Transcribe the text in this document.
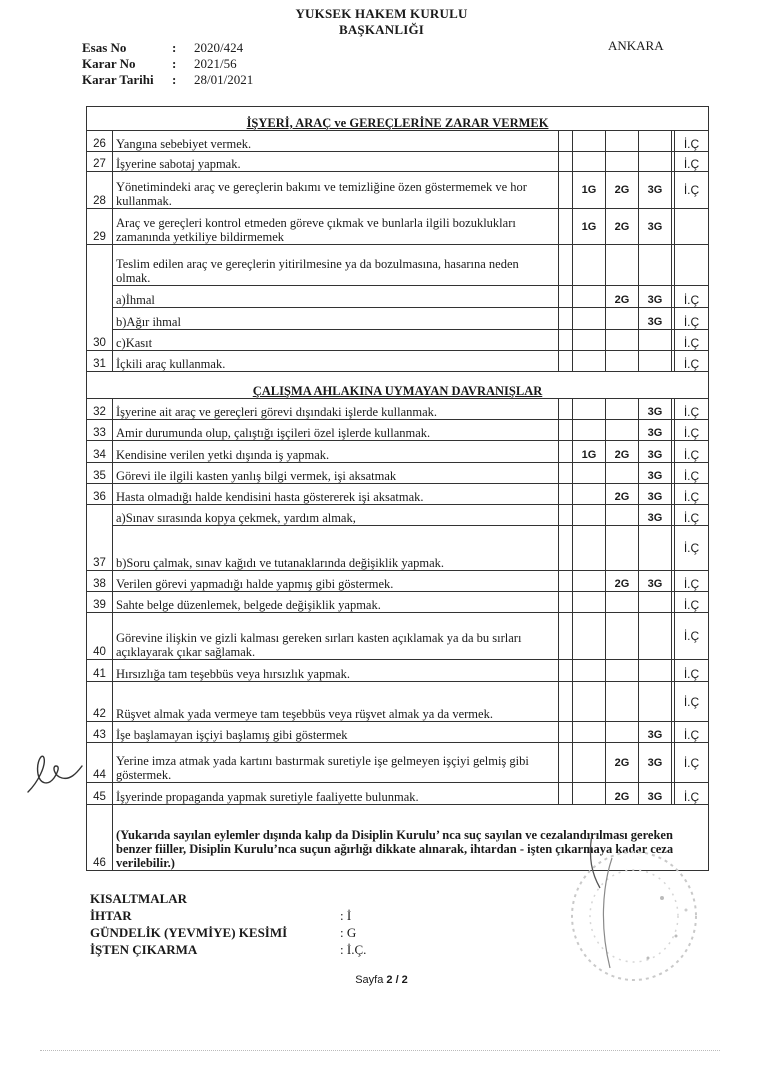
YUKSEK HAKEM KURULU
BAŞKANLIĞI
Esas No	:	2020/424
Karar No	:	2021/56
Karar Tarihi	:	28/01/2021
ANKARA
İŞYERİ, ARAÇ ve GEREÇLERİNE ZARAR VERMEK							
26	Yangına sebebiyet vermek.						İ.Ç
27	İşyerine sabotaj yapmak.						İ.Ç
28	Yönetimindeki araç ve gereçlerin bakımı ve temizliğine özen göstermemek ve hor kullanmak.		1G	2G	3G		İ.Ç
29	Araç ve gereçleri kontrol etmeden göreve çıkmak ve bunlarla ilgili bozuklukları zamanında yetkiliye bildirmemek		1G	2G	3G		
30	Teslim edilen araç ve gereçlerin yitirilmesine ya da bozulmasına, hasarına neden olmak.						
	a)İhmal			2G	3G		İ.Ç
	b)Ağır ihmal				3G		İ.Ç
	c)Kasıt						İ.Ç
31	İçkili araç kullanmak.						İ.Ç
ÇALIŞMA AHLAKINA UYMAYAN DAVRANIŞLAR							
32	İşyerine ait araç ve gereçleri görevi dışındaki işlerde kullanmak.				3G		İ.Ç
33	Amir durumunda olup, çalıştığı işçileri özel işlerde kullanmak.				3G		İ.Ç
34	Kendisine verilen yetki dışında iş yapmak.		1G	2G	3G		İ.Ç
35	Görevi ile ilgili kasten yanlış bilgi vermek, işi aksatmak				3G		İ.Ç
36	Hasta olmadığı halde kendisini hasta göstererek işi aksatmak.			2G	3G		İ.Ç
37	a)Sınav sırasında kopya çekmek, yardım almak,				3G		İ.Ç
	b)Soru çalmak, sınav kağıdı ve tutanaklarında değişiklik yapmak.						İ.Ç
38	Verilen görevi yapmadığı halde yapmış gibi göstermek.			2G	3G		İ.Ç
39	Sahte belge düzenlemek, belgede değişiklik yapmak.						İ.Ç
40	Görevine ilişkin ve gizli kalması gereken sırları kasten açıklamak ya da bu sırları açıklayarak çıkar sağlamak.						İ.Ç
41	Hırsızlığa tam teşebbüs veya hırsızlık yapmak.						İ.Ç
42	Rüşvet almak yada vermeye tam teşebbüs veya rüşvet almak ya da vermek.						İ.Ç
43	İşe başlamayan işçiyi başlamış gibi göstermek				3G		İ.Ç
44	Yerine imza atmak yada kartını bastırmak suretiyle işe gelmeyen işçiyi gelmiş gibi göstermek.			2G	3G		İ.Ç
45	İşyerinde propaganda yapmak suretiyle faaliyette bulunmak.			2G	3G		İ.Ç
46	(Yukarıda sayılan eylemler dışında kalıp da Disiplin Kurulu’ nca suç sayılan ve cezalandırılması gereken benzer fiiller, Disiplin Kurulu’nca suçun ağırlığı dikkate alınarak, ihtardan - işten çıkarmaya kadar ceza verilebilir.)						
KISALTMALAR
İHTAR	: İ
GÜNDELİK (YEVMİYE) KESİMİ	: G
İŞTEN ÇIKARMA	: İ.Ç.
Sayfa 2 / 2
